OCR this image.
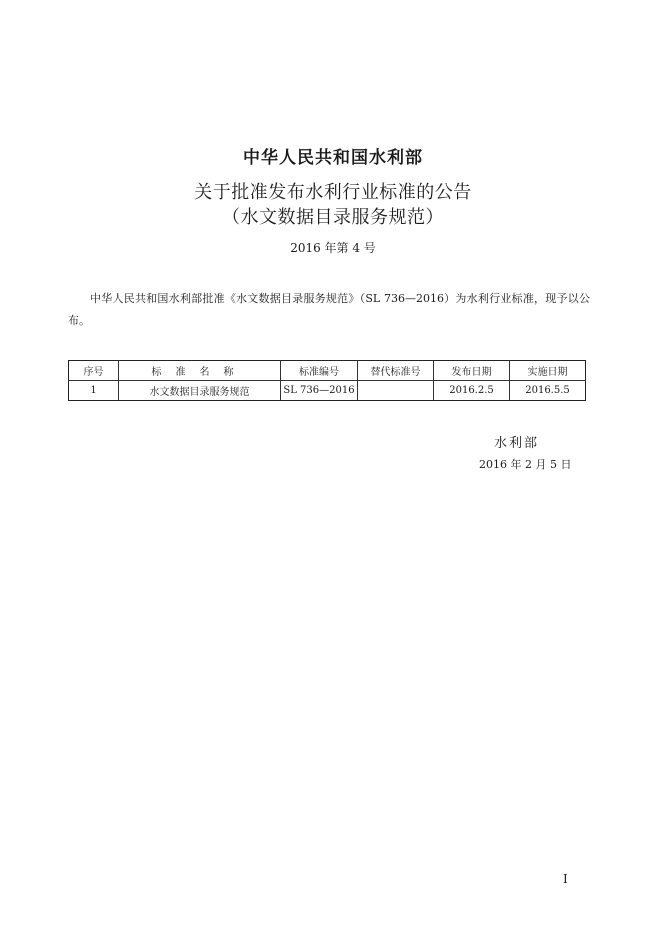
中华人民共和国水利部
关于批准发布水利行业标准的公告
（水文数据目录服务规范）
2016 年第 4 号
中华人民共和国水利部批准《水文数据目录服务规范》（SL 736—2016）为水利行业标准，现予以公布。
序号	标准名称	标准编号	替代标准号	发布日期	实施日期
1	水文数据目录服务规范	SL 736—2016		2016.2.5	2016.5.5
水利部
2016 年 2 月 5 日
I
